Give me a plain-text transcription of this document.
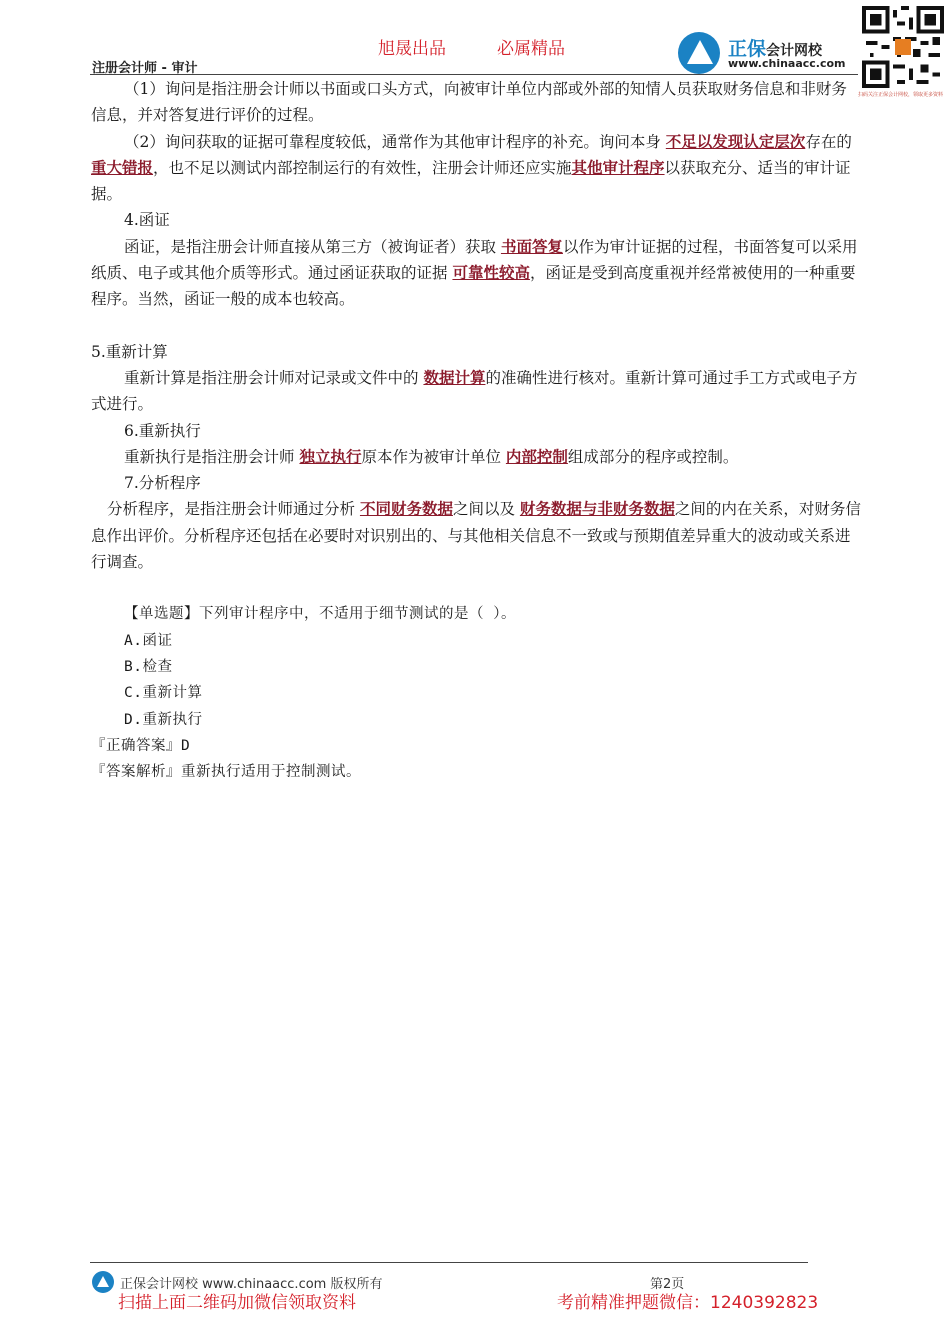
旭晟出品	必属精品	正保会计网校
www.chinaacc.com
扫码关注正保会计网校，领取更多资料
注册会计师 - 审计

（1）询问是指注册会计师以书面或口头方式，向被审计单位内部或外部的知情人员获取财务信息和非财务信息，并对答复进行评价的过程。

（2）询问获取的证据可靠程度较低，通常作为其他审计程序的补充。询问本身 不足以发现认定层次存在的 重大错报，也不足以测试内部控制运行的有效性，注册会计师还应实施其他审计程序以获取充分、适当的审计证据。

4.函证

函证，是指注册会计师直接从第三方（被询证者）获取 书面答复以作为审计证据的过程，书面答复可以采用纸质、电子或其他介质等形式。通过函证获取的证据 可靠性较高，函证是受到高度重视并经常被使用的一种重要程序。当然，函证一般的成本也较高。

5.重新计算

重新计算是指注册会计师对记录或文件中的 数据计算的准确性进行核对。重新计算可通过手工方式或电子方式进行。

6.重新执行

重新执行是指注册会计师 独立执行原本作为被审计单位 内部控制组成部分的程序或控制。

7.分析程序

分析程序，是指注册会计师通过分析 不同财务数据之间以及 财务数据与非财务数据之间的内在关系，对财务信息作出评价。分析程序还包括在必要时对识别出的、与其他相关信息不一致或与预期值差异重大的波动或关系进行调查。

【单选题】下列审计程序中，不适用于细节测试的是（ ）。

A.函证

B.检查

C.重新计算

D.重新执行

『正确答案』D

『答案解析』重新执行适用于控制测试。

正保会计网校 www.chinaacc.com 版权所有	第2页
扫描上面二维码加微信领取资料	考前精准押题微信：1240392823
